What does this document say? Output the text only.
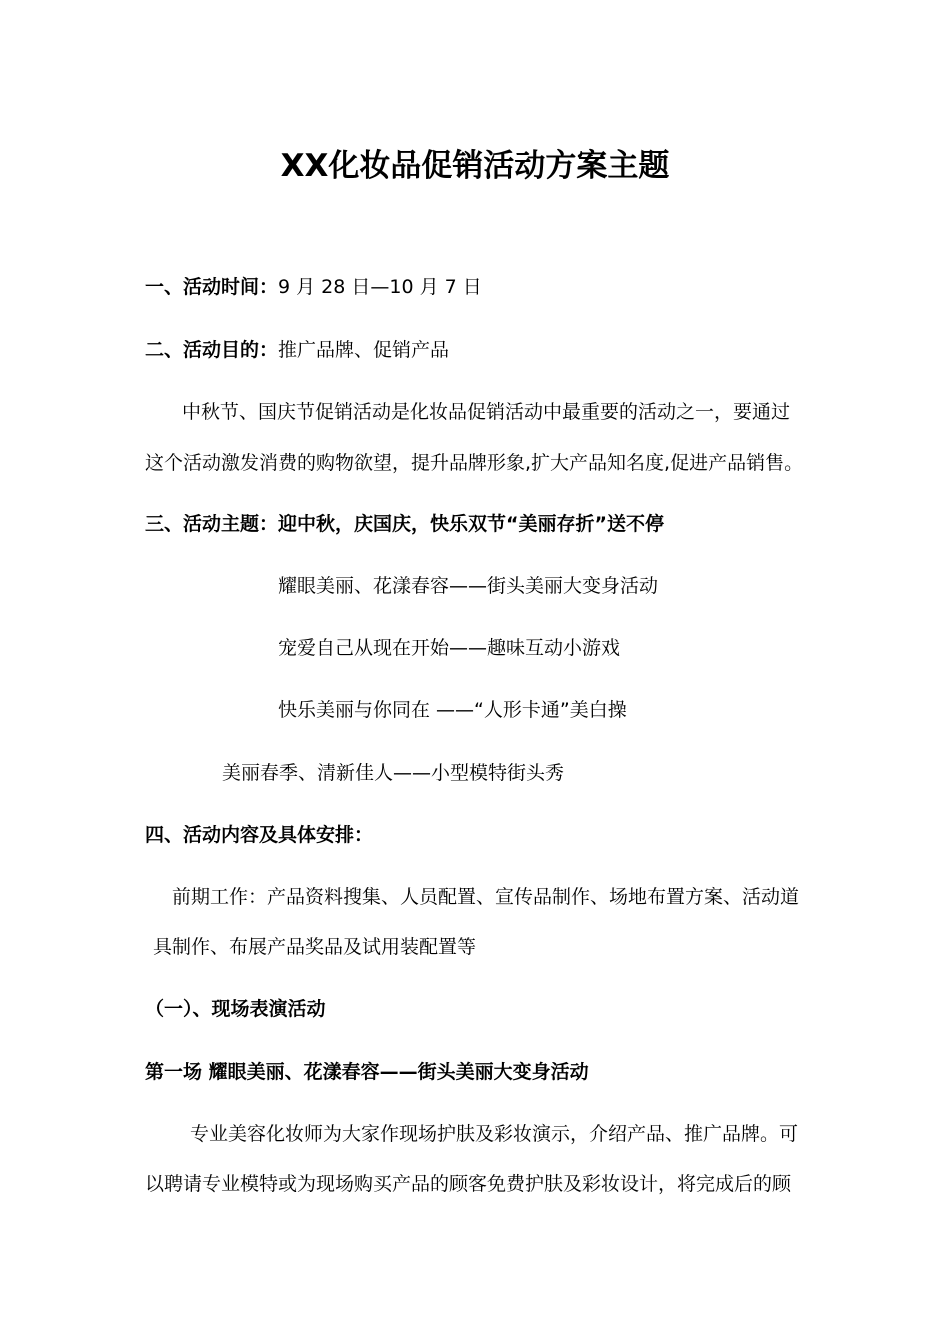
XX化妆品促销活动方案主题
一、活动时间：9 月 28 日—10 月 7 日
二、活动目的：推广品牌、促销产品
中秋节、国庆节促销活动是化妆品促销活动中最重要的活动之一，要通过
这个活动激发消费的购物欲望，提升品牌形象,扩大产品知名度,促进产品销售。
三、活动主题：迎中秋，庆国庆，快乐双节“美丽存折”送不停
耀眼美丽、花漾春容——街头美丽大变身活动
宠爱自己从现在开始——趣味互动小游戏
快乐美丽与你同在 ——“人形卡通”美白操
美丽春季、清新佳人——小型模特街头秀
四、活动内容及具体安排：
前期工作：产品资料搜集、人员配置、宣传品制作、场地布置方案、活动道
具制作、布展产品奖品及试用装配置等
（一）、现场表演活动
第一场 耀眼美丽、花漾春容——街头美丽大变身活动
专业美容化妆师为大家作现场护肤及彩妆演示，介绍产品、推广品牌。可
以聘请专业模特或为现场购买产品的顾客免费护肤及彩妆设计，将完成后的顾
